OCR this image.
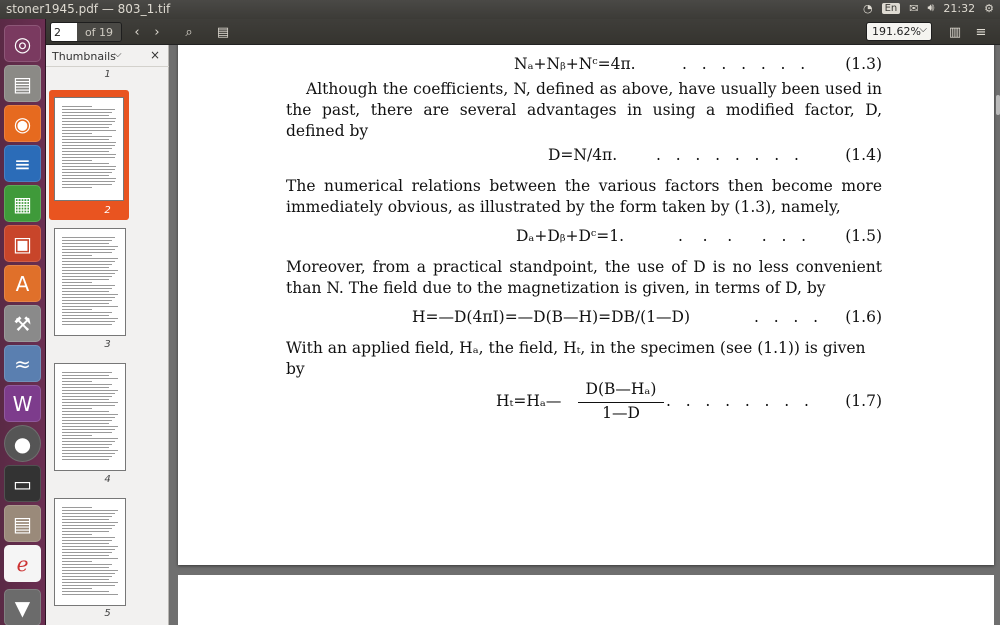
stoner1945.pdf — 803_1.tif	◔	En ✉ 🔊︎ 21:32 ⚙
◎
▤
◉
≡
▦
▣
A
⚒
≈
W
●
▭
▤
ℯ
▼
2
of 19	‹	›	⌕	▤	191.62%
⌵	▥	≡
Thumbnails
⌵ ×
1
2
3
4
5
Nₐ+Nᵦ+Nᶜ=4π.	.   .   .   .   .   .   .	(1.3)
Although the coefficients, N, defined as above, have usually been used in the past, there are several advantages in using a modified factor, D, defined by
D=N/4π.	.   .   .   .   .   .   .   .	(1.4)
The numerical relations between the various factors then become more immediately obvious, as illustrated by the form taken by (1.3), namely,
Dₐ+Dᵦ+Dᶜ=1.	.    .    .      .   .   .	(1.5)
Moreover, from a practical standpoint, the use of D is no less convenient than N. The field due to the magnetization is given, in terms of D, by
H=—D(4πI)=—D(B—H)=DB/(1—D)	.   .   .   . (1.6)
With an applied field, Hₐ, the field, Hₜ, in the specimen (see (1.1)) is given by
Hₜ=Hₐ—
D(B—Hₐ)
1—D
.   .   .   .   .   .   .   . (1.7)
